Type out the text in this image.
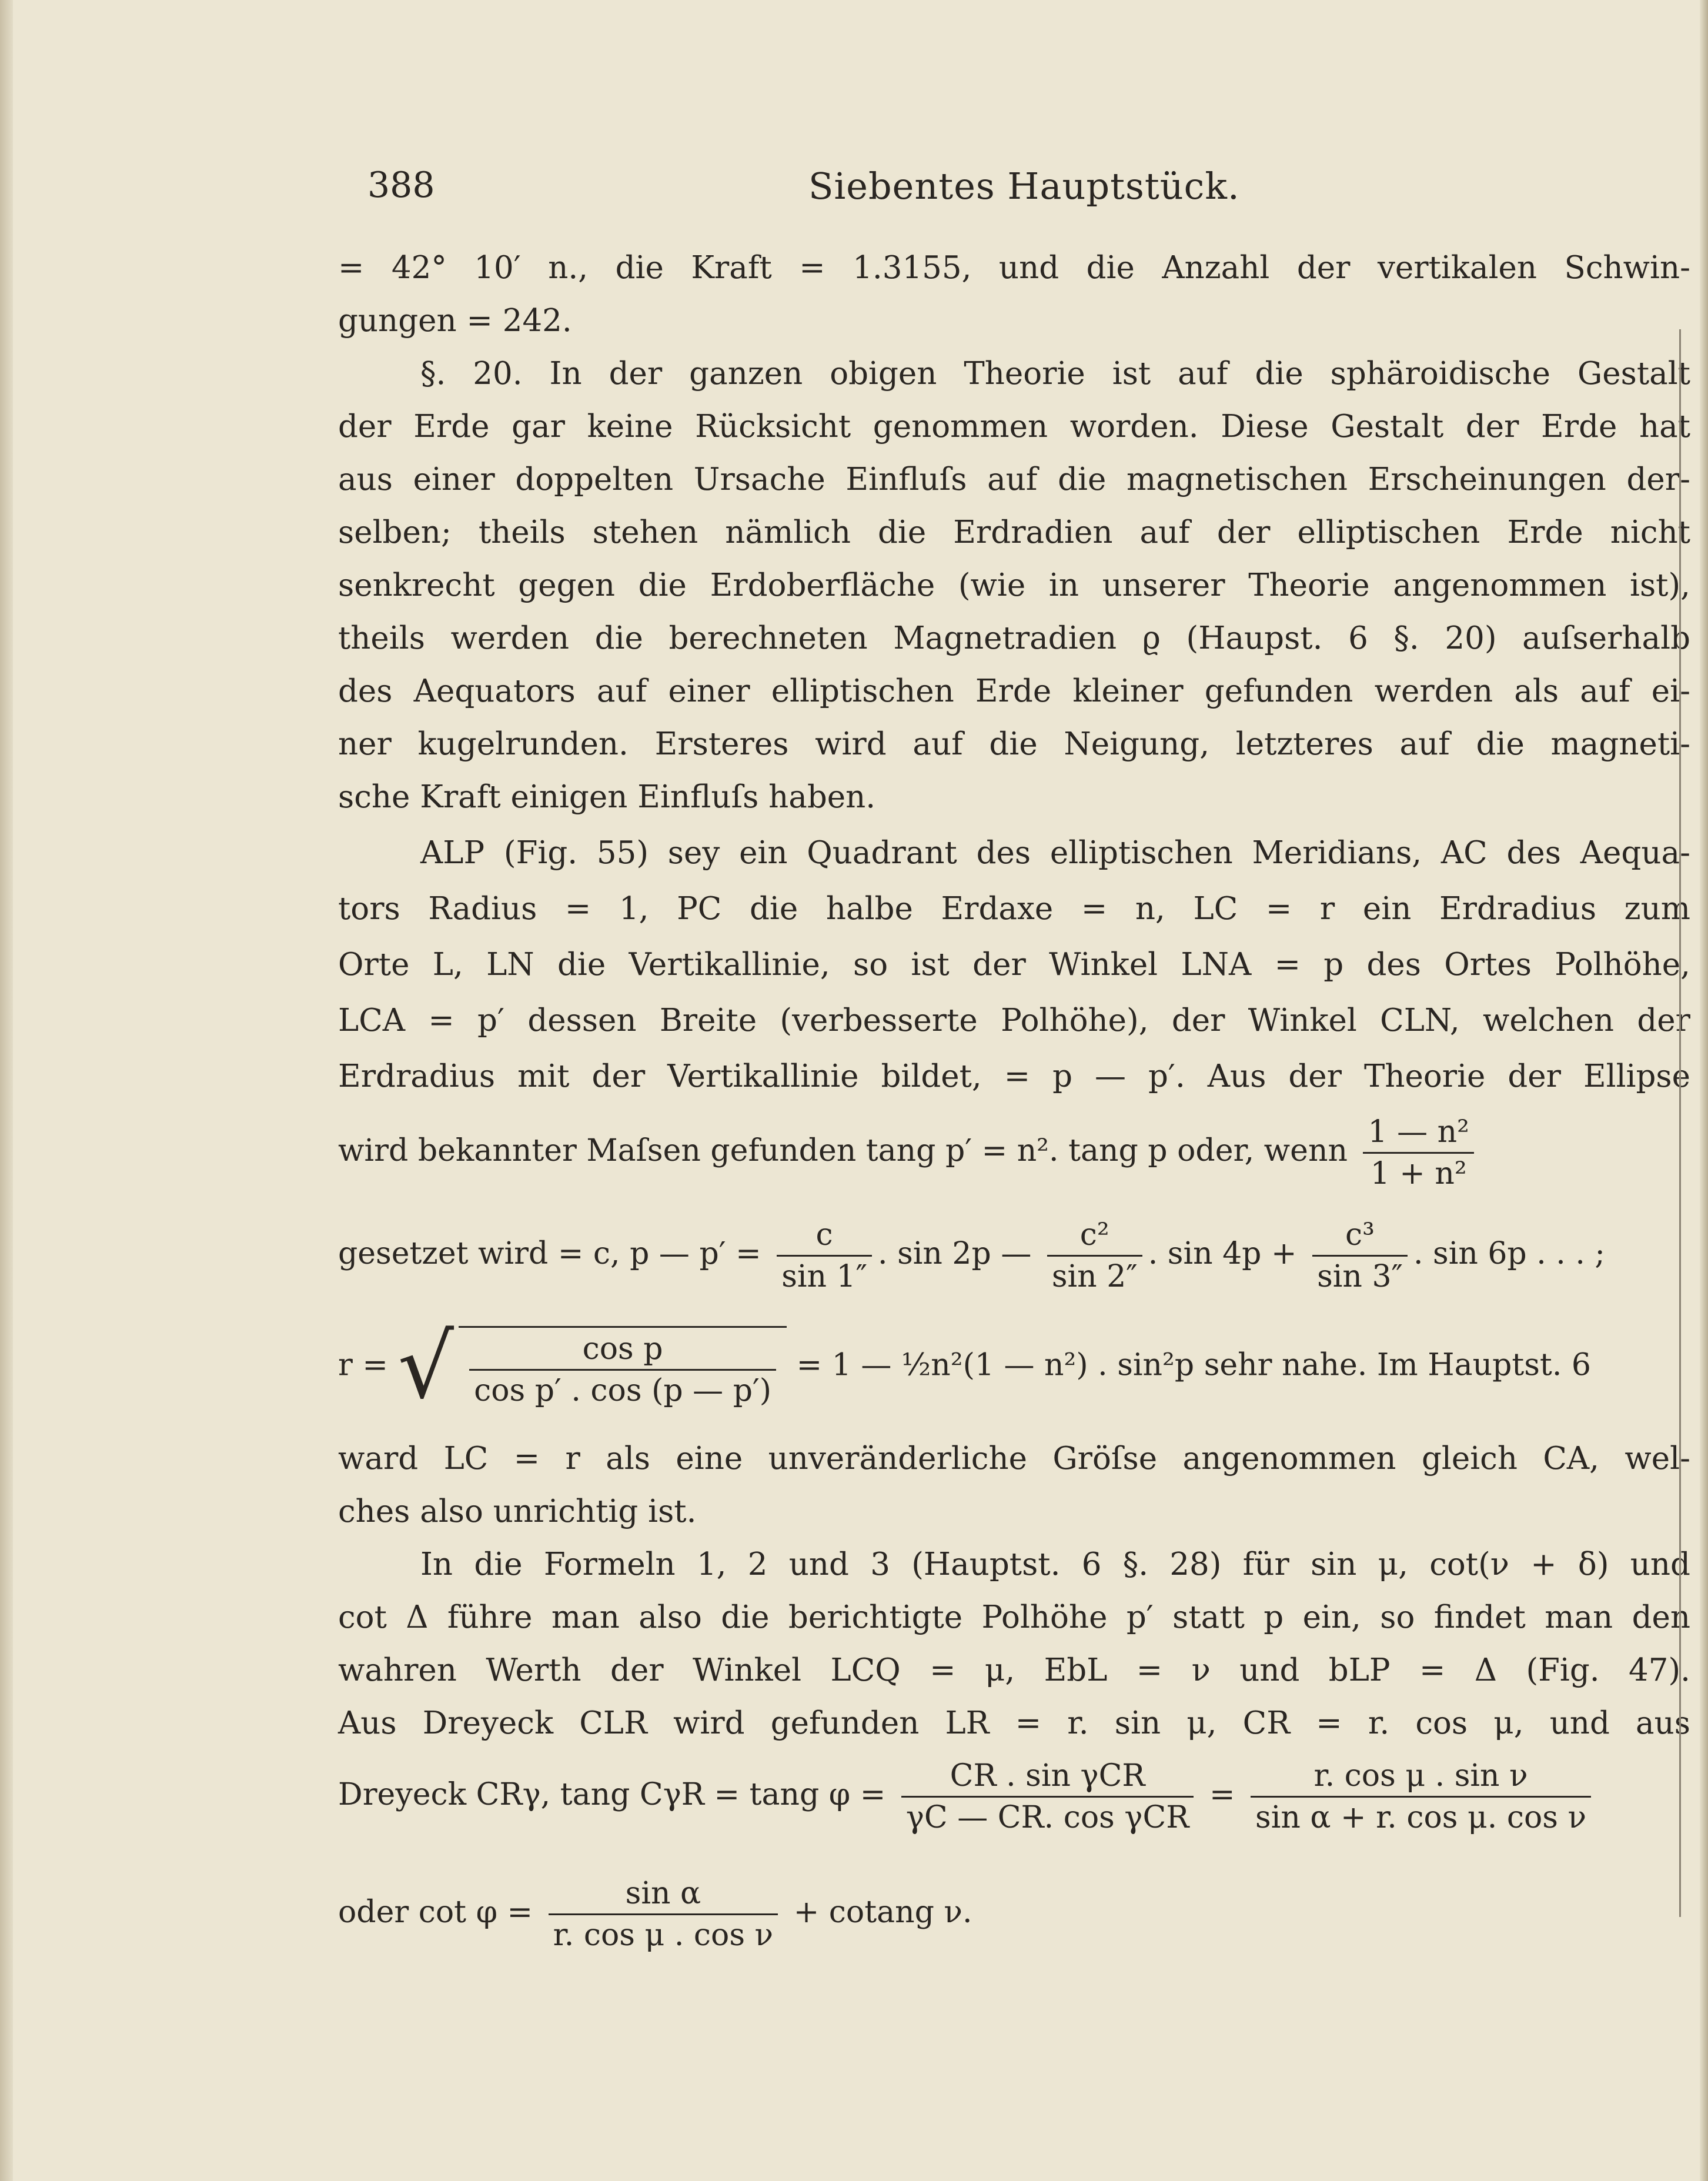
388	Siebentes Hauptstück.
= 42° 10′ n., die Kraft = 1.3155, und die Anzahl der vertikalen Schwin-
gungen = 242.
§. 20. In der ganzen obigen Theorie ist auf die sphäroidische Gestalt
der Erde gar keine Rücksicht genommen worden. Diese Gestalt der Erde hat
aus einer doppelten Ursache Einfluſs auf die magnetischen Erscheinungen der-
selben; theils stehen nämlich die Erdradien auf der elliptischen Erde nicht
senkrecht gegen die Erdoberfläche (wie in unserer Theorie angenommen ist),
theils werden die berechneten Magnetradien ϱ (Haupst. 6 §. 20) auſserhalb
des Aequators auf einer elliptischen Erde kleiner gefunden werden als auf ei-
ner kugelrunden. Ersteres wird auf die Neigung, letzteres auf die magneti-
sche Kraft einigen Einfluſs haben.
ALP (Fig. 55) sey ein Quadrant des elliptischen Meridians, AC des Aequa-
tors Radius = 1, PC die halbe Erdaxe = n, LC = r ein Erdradius zum
Orte L, LN die Vertikallinie, so ist der Winkel LNA = p des Ortes Polhöhe,
LCA = p′ dessen Breite (verbesserte Polhöhe), der Winkel CLN, welchen der
Erdradius mit der Vertikallinie bildet, = p — p′. Aus der Theorie der Ellipse
wird bekannter Maſsen gefunden tang p′ = n². tang p oder, wenn $\frac{\text{1 — n²}}{\text{1 + n²}}$
gesetzet wird = c, p — $p' = \frac{c}{\sin 1''}$ . sin 2p — $\frac{\text{c²}}{\sin 2''}$ . $\sin 4p + \frac{\text{c³}}{\sin 3''}$ . sin 6p . . . ;
r = √ $\frac{\text{cos p}}{\text{cos p′ . cos (p — p′)}} = 1$ — ½n²(1 — n²) . sin²p sehr nahe. Im Hauptst. 6
ward LC = r als eine unveränderliche Gröſse angenommen gleich CA, wel-
ches also unrichtig ist.
In die Formeln 1, 2 und 3 (Hauptst. 6 §. 28) für sin μ, cot(ν + δ) und
cot Δ führe man also die berichtigte Polhöhe p′ statt p ein, so findet man den
wahren Werth der Winkel LCQ = μ, EbL = ν und bLP = Δ (Fig. 47).
Aus Dreyeck CLR wird gefunden LR = r. sin μ, CR = r. cos μ, und aus
Dreyeck CRγ, tang CγR = tang $\varphi = \frac{\text{CR . sin γCR}}{\text{γC — CR. cos γCR}} = \frac{\text{r. cos μ . sin ν}}{\text{sin α + r. cos μ. cos ν}}$
oder $\cot \varphi = \frac{\text{sin α}}{\text{r. cos μ . cos ν}} + cotang$ ν.
